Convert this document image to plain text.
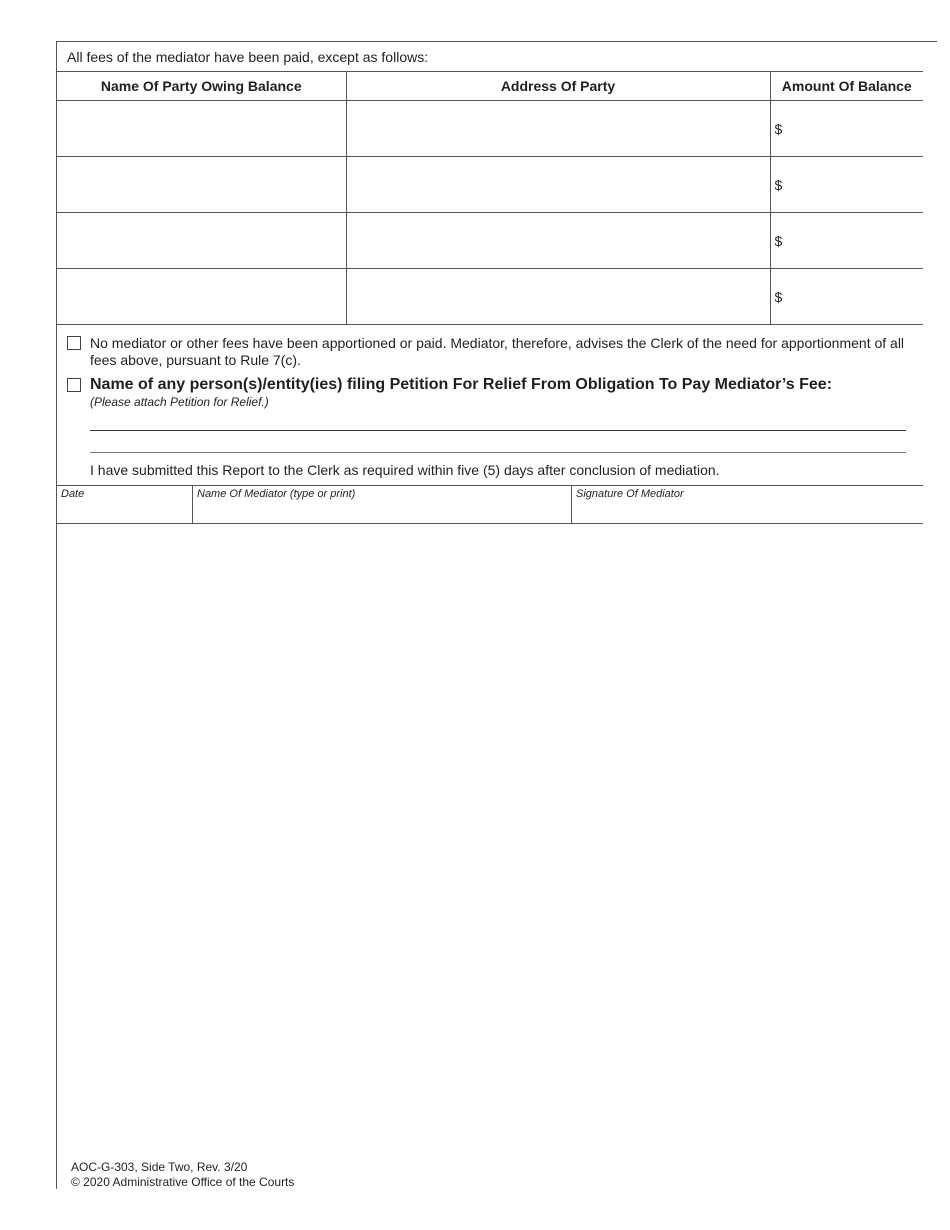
All fees of the mediator have been paid, except as follows:
Name Of Party Owing Balance	Address Of Party	Amount Of Balance
		$
		$
		$
		$
No mediator or other fees have been apportioned or paid. Mediator, therefore, advises the Clerk of the need for apportionment of all fees above, pursuant to Rule 7(c).
Name of any person(s)/entity(ies) filing Petition For Relief From Obligation To Pay Mediator’s Fee:
(Please attach Petition for Relief.)
I have submitted this Report to the Clerk as required within five (5) days after conclusion of mediation.
Date	Name Of Mediator (type or print)	Signature Of Mediator
AOC-G-303, Side Two, Rev. 3/20
© 2020 Administrative Office of the Courts
